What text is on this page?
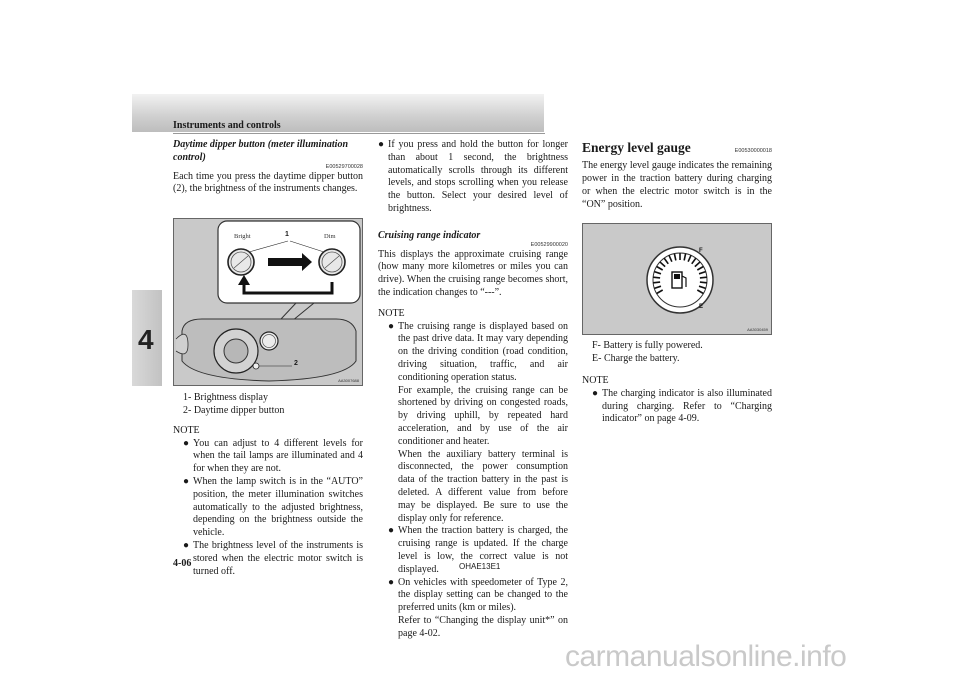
Instruments and controls
4
Daytime dipper button (meter illumination control)
E00529700028

Each time you press the daytime dipper button (2), the brightness of the instruments changes.

Bright	Dim
1
2
AA3007688
1- Brightness display
2- Daytime dipper button
NOTE
● You can adjust to 4 different levels for when the tail lamps are illuminated and 4 for when they are not.
● When the lamp switch is in the “AUTO” position, the meter illumination switches automatically to the adjusted brightness, depending on the brightness outside the vehicle.
● The brightness level of the instruments is stored when the electric motor switch is turned off.
● If you press and hold the button for longer than about 1 second, the brightness automatically scrolls through its different levels, and stops scrolling when you release the button. Select your desired level of brightness.
Cruising range indicator
E00529900020

This displays the approximate cruising range (how many more kilometres or miles you can drive). When the cruising range becomes short, the indication changes to “---”.

NOTE
● The cruising range is displayed based on the past drive data. It may vary depending on the driving condition (road condition, driving situation, traffic, and air conditioning operation status.
For example, the cruising range can be shortened by driving on congested roads, by driving uphill, by repeated hard acceleration, and by use of the air conditioner and heater.
When the auxiliary battery terminal is disconnected, the power consumption data of the traction battery in the past is deleted. A different value from before may be displayed. Be sure to use the display only for reference.
● When the traction battery is charged, the cruising range is updated. If the charge level is low, the correct value is not displayed.
● On vehicles with speedometer of Type 2, the display setting can be changed to the preferred units (km or miles).
Refer to “Changing the display unit*” on page 4-02.
Energy level gauge	E00530000018

The energy level gauge indicates the remaining power in the traction battery during charging or when the electric motor switch is in the “ON” position.

F
E
AA3030459
F- Battery is fully powered.
E- Charge the battery.
NOTE
● The charging indicator is also illuminated during charging. Refer to “Charging indicator” on page 4-09.
4-06	OHAE13E1
carmanualsonline.info
